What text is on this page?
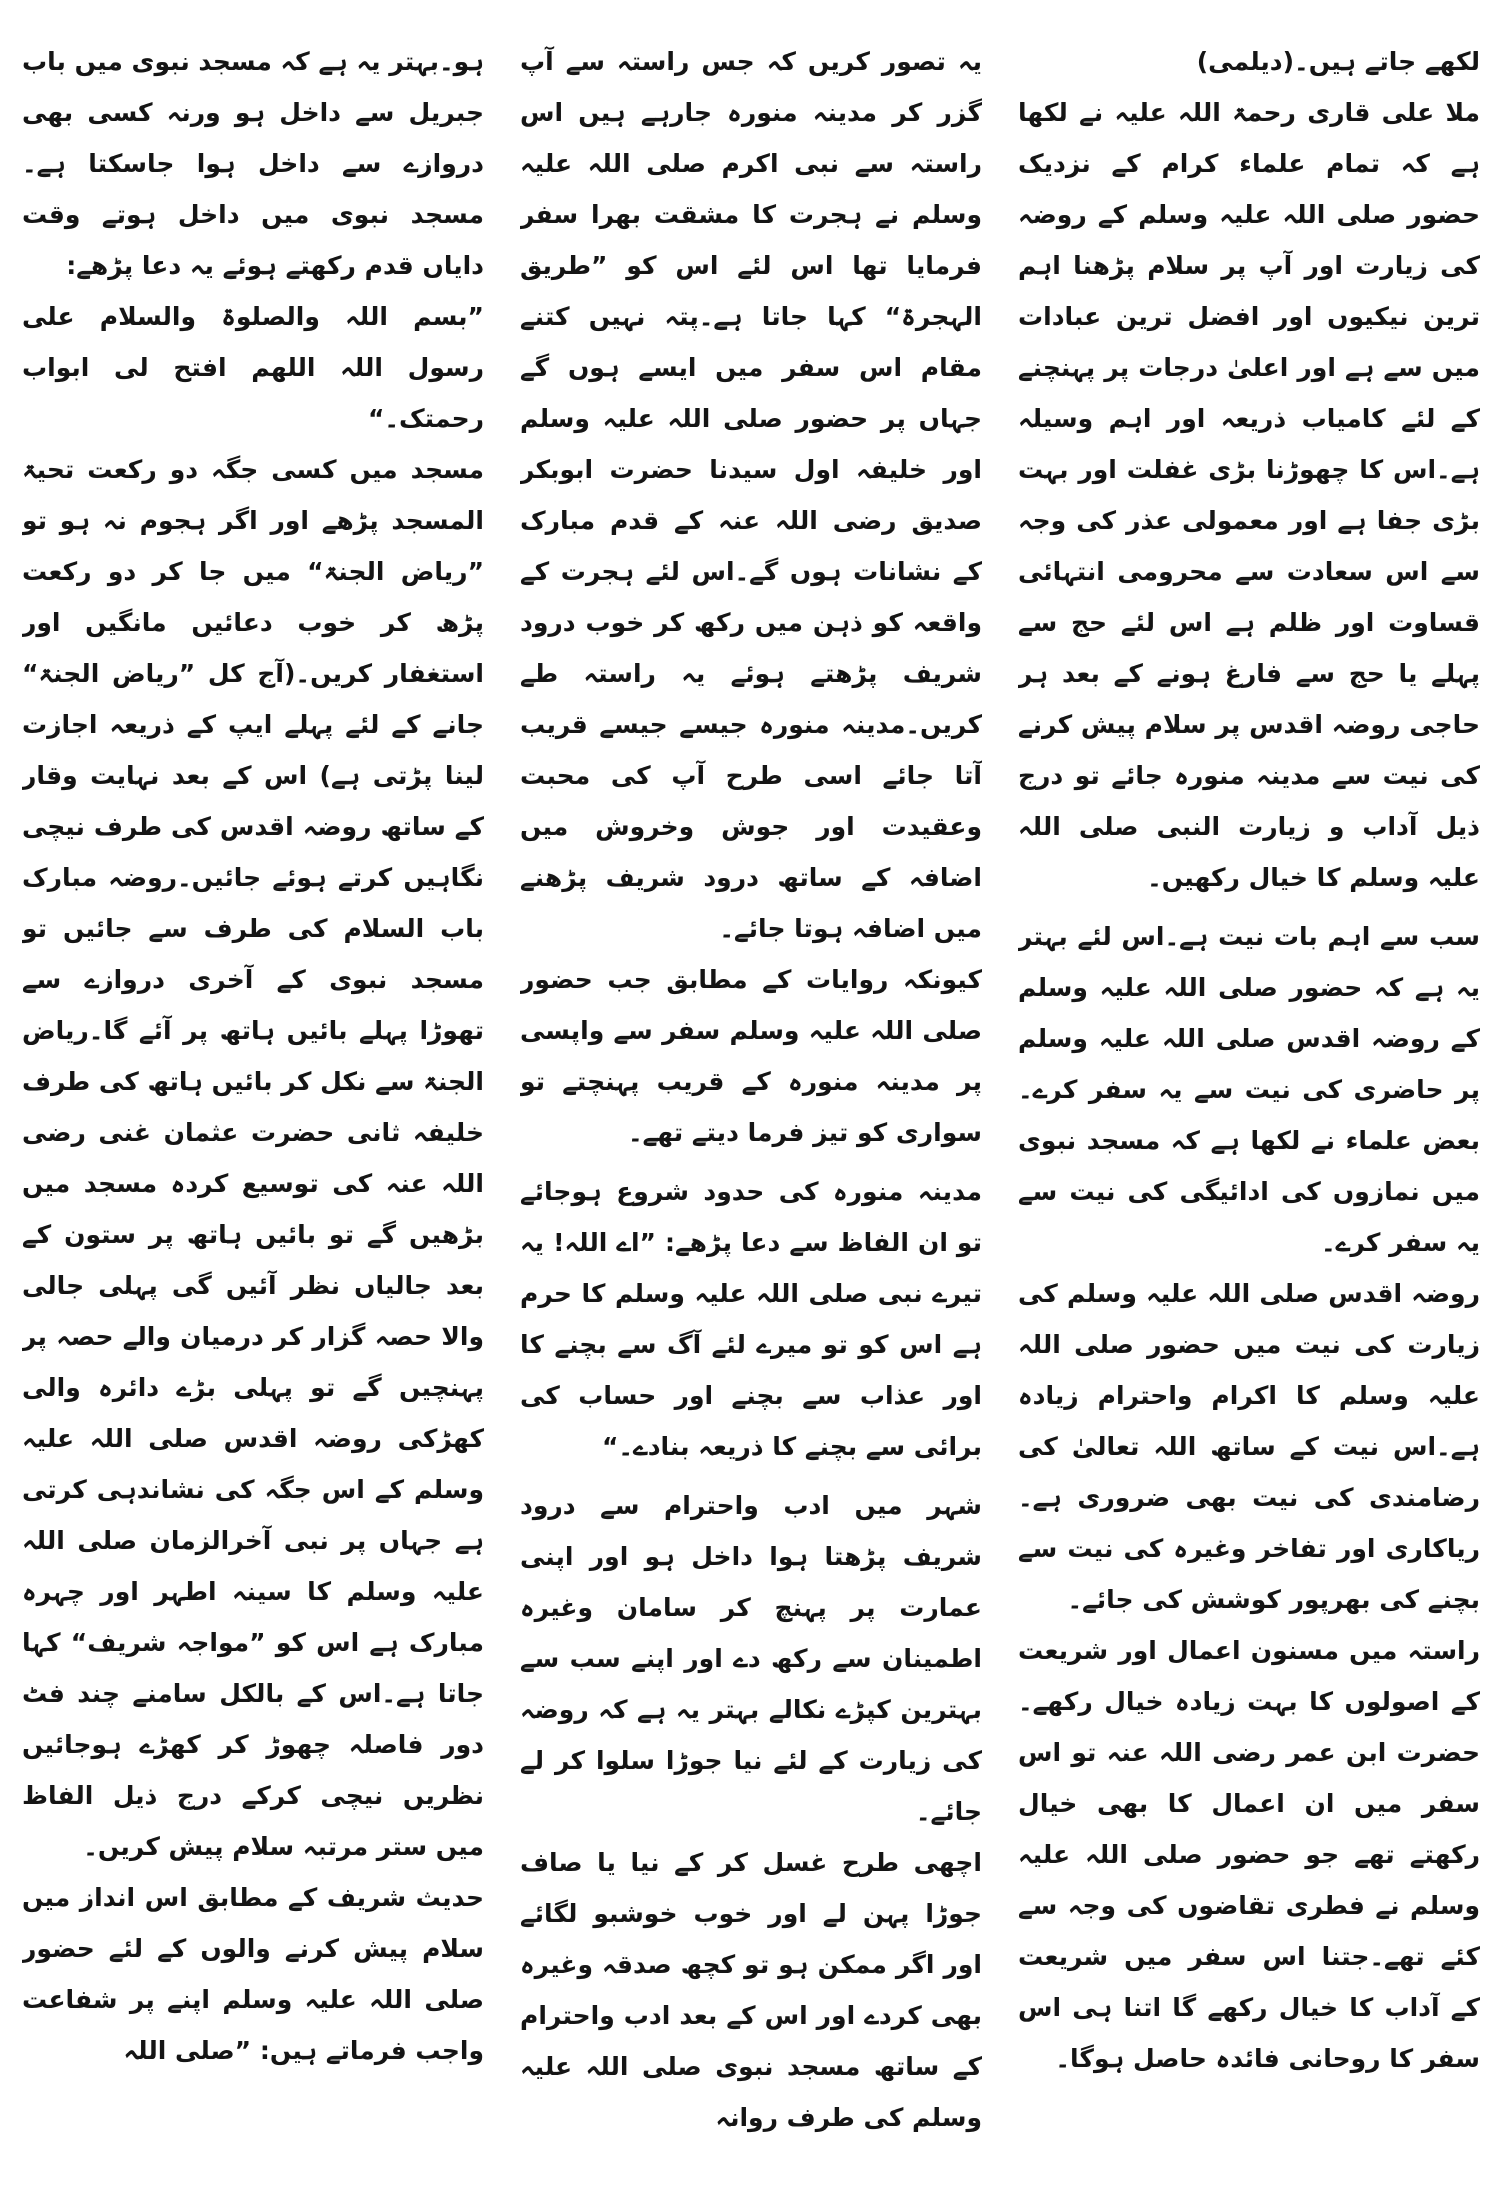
لکھے جاتے ہیں۔(دیلمی)

ملا علی قاری رحمۃ اللہ علیہ نے لکھا ہے کہ تمام علماء کرام کے نزدیک حضور صلی اللہ علیہ وسلم کے روضہ کی زیارت اور آپ پر سلام پڑھنا اہم ترین نیکیوں اور افضل ترین عبادات میں سے ہے اور اعلیٰ درجات پر پہنچنے کے لئے کامیاب ذریعہ اور اہم وسیلہ ہے۔اس کا چھوڑنا بڑی غفلت اور بہت بڑی جفا ہے اور معمولی عذر کی وجہ سے اس سعادت سے محرومی انتہائی قساوت اور ظلم ہے اس لئے حج سے پہلے یا حج سے فارغ ہونے کے بعد ہر حاجی روضہ اقدس پر سلام پیش کرنے کی نیت سے مدینہ منورہ جائے تو درج ذیل آداب و زیارت النبی صلی اللہ علیہ وسلم کا خیال رکھیں۔

سب سے اہم بات نیت ہے۔اس لئے بہتر یہ ہے کہ حضور صلی اللہ علیہ وسلم کے روضہ اقدس صلی اللہ علیہ وسلم پر حاضری کی نیت سے یہ سفر کرے۔بعض علماء نے لکھا ہے کہ مسجد نبوی میں نمازوں کی ادائیگی کی نیت سے یہ سفر کرے۔

روضہ اقدس صلی اللہ علیہ وسلم کی زیارت کی نیت میں حضور صلی اللہ علیہ وسلم کا اکرام واحترام زیادہ ہے۔اس نیت کے ساتھ اللہ تعالیٰ کی رضامندی کی نیت بھی ضروری ہے۔ریاکاری اور تفاخر وغیرہ کی نیت سے بچنے کی بھرپور کوشش کی جائے۔

راستہ میں مسنون اعمال اور شریعت کے اصولوں کا بہت زیادہ خیال رکھے۔حضرت ابن عمر رضی اللہ عنہ تو اس سفر میں ان اعمال کا بھی خیال رکھتے تھے جو حضور صلی اللہ علیہ وسلم نے فطری تقاضوں کی وجہ سے کئے تھے۔جتنا اس سفر میں شریعت کے آداب کا خیال رکھے گا اتنا ہی اس سفر کا روحانی فائدہ حاصل ہوگا۔

یہ تصور کریں کہ جس راستہ سے آپ گزر کر مدینہ منورہ جارہے ہیں اس راستہ سے نبی اکرم صلی اللہ علیہ وسلم نے ہجرت کا مشقت بھرا سفر فرمایا تھا اس لئے اس کو ”طریق الہجرۃ“ کہا جاتا ہے۔پتہ نہیں کتنے مقام اس سفر میں ایسے ہوں گے جہاں پر حضور صلی اللہ علیہ وسلم اور خلیفہ اول سیدنا حضرت ابوبکر صدیق رضی اللہ عنہ کے قدم مبارک کے نشانات ہوں گے۔اس لئے ہجرت کے واقعہ کو ذہن میں رکھ کر خوب درود شریف پڑھتے ہوئے یہ راستہ طے کریں۔مدینہ منورہ جیسے جیسے قریب آتا جائے اسی طرح آپ کی محبت وعقیدت اور جوش وخروش میں اضافہ کے ساتھ درود شریف پڑھنے میں اضافہ ہوتا جائے۔

کیونکہ روایات کے مطابق جب حضور صلی اللہ علیہ وسلم سفر سے واپسی پر مدینہ منورہ کے قریب پہنچتے تو سواری کو تیز فرما دیتے تھے۔

مدینہ منورہ کی حدود شروع ہوجائے تو ان الفاظ سے دعا پڑھے: ”اے اللہ! یہ تیرے نبی صلی اللہ علیہ وسلم کا حرم ہے اس کو تو میرے لئے آگ سے بچنے کا اور عذاب سے بچنے اور حساب کی برائی سے بچنے کا ذریعہ بنادے۔“

شہر میں ادب واحترام سے درود شریف پڑھتا ہوا داخل ہو اور اپنی عمارت پر پہنچ کر سامان وغیرہ اطمینان سے رکھ دے اور اپنے سب سے بہترین کپڑے نکالے بہتر یہ ہے کہ روضہ کی زیارت کے لئے نیا جوڑا سلوا کر لے جائے۔

اچھی طرح غسل کر کے نیا یا صاف جوڑا پہن لے اور خوب خوشبو لگائے اور اگر ممکن ہو تو کچھ صدقہ وغیرہ بھی کردے اور اس کے بعد ادب واحترام کے ساتھ مسجد نبوی صلی اللہ علیہ وسلم کی طرف روانہ

ہو۔بہتر یہ ہے کہ مسجد نبوی میں باب جبریل سے داخل ہو ورنہ کسی بھی دروازے سے داخل ہوا جاسکتا ہے۔مسجد نبوی میں داخل ہوتے وقت دایاں قدم رکھتے ہوئے یہ دعا پڑھے:

”بسم اللہ والصلوۃ والسلام علی رسول اللہ اللھم افتح لی ابواب رحمتک۔“

مسجد میں کسی جگہ دو رکعت تحیۃ المسجد پڑھے اور اگر ہجوم نہ ہو تو ”ریاض الجنۃ“ میں جا کر دو رکعت پڑھ کر خوب دعائیں مانگیں اور استغفار کریں۔(آج کل ”ریاض الجنۃ“ جانے کے لئے پہلے ایپ کے ذریعہ اجازت لینا پڑتی ہے) اس کے بعد نہایت وقار کے ساتھ روضہ اقدس کی طرف نیچی نگاہیں کرتے ہوئے جائیں۔روضہ مبارک باب السلام کی طرف سے جائیں تو مسجد نبوی کے آخری دروازے سے تھوڑا پہلے بائیں ہاتھ پر آئے گا۔ریاض الجنۃ سے نکل کر بائیں ہاتھ کی طرف خلیفہ ثانی حضرت عثمان غنی رضی اللہ عنہ کی توسیع کردہ مسجد میں بڑھیں گے تو بائیں ہاتھ پر ستون کے بعد جالیاں نظر آئیں گی پہلی جالی والا حصہ گزار کر درمیان والے حصہ پر پہنچیں گے تو پہلی بڑے دائرہ والی کھڑکی روضہ اقدس صلی اللہ علیہ وسلم کے اس جگہ کی نشاندہی کرتی ہے جہاں پر نبی آخرالزمان صلی اللہ علیہ وسلم کا سینہ اطہر اور چہرہ مبارک ہے اس کو ”مواجہ شریف“ کہا جاتا ہے۔اس کے بالکل سامنے چند فٹ دور فاصلہ چھوڑ کر کھڑے ہوجائیں نظریں نیچی کرکے درج ذیل الفاظ میں ستر مرتبہ سلام پیش کریں۔

حدیث شریف کے مطابق اس انداز میں سلام پیش کرنے والوں کے لئے حضور صلی اللہ علیہ وسلم اپنے پر شفاعت واجب فرماتے ہیں: ”صلی اللہ
